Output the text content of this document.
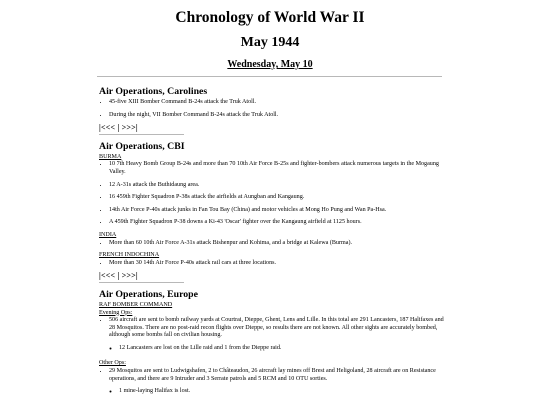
Chronology of World War II
May 1944
Wednesday, May 10
Air Operations, Carolines
• 45-five XIII Bomber Command B-24s attack the Truk Atoll.
• During the night, VII Bomber Command B-24s attack the Truk Atoll.
|<<< | >>>|
Air Operations, CBI
BURMA
• 10 7th Heavy Bomb Group B-24s and more than 70 10th Air Force B-25s and fighter-bombers attack numerous targets in the Mogaung Valley.
• 12 A-31s attack the Buthidaung area.
• 16 459th Fighter Squadron P-38s attack the airfields at Aungban and Kangaung.
• 14th Air Force P-40s attack junks in Fan Tou Bay (China) and motor vehicles at Mong Ho Pung and Wan Pa-Hsa.
• A 459th Fighter Squadron P-38 downs a Ki-43 'Oscar' fighter over the Kangaung airfield at 1125 hours.
INDIA
• More than 60 10th Air Force A-31s attack Bishenpur and Kohima, and a bridge at Kalewa (Burma).
FRENCH INDOCHINA
• More than 30 14th Air Force P-40s attack rail cars at three locations.
|<<< | >>>|
Air Operations, Europe
RAF BOMBER COMMAND
Evening Ops:
• 506 aircraft are sent to bomb railway yards at Courtrai, Dieppe, Ghent, Lens and Lille. In this total are 291 Lancasters, 187 Halifaxes and 28 Mosquitos. There are no post-raid recon flights over Dieppe, so results there are not known. All other sights are accurately bombed, although some bombs fall on civilian housing.
◦ 12 Lancasters are lost on the Lille raid and 1 from the Dieppe raid.
Other Ops:
• 29 Mosquitos are sent to Ludwigshafen, 2 to Châteaudon, 26 aircraft lay mines off Brest and Heligoland, 28 aircraft are on Resistance operations, and there are 9 Intruder and 3 Serrate patrols and 5 RCM and 10 OTU sorties.
◦ 1 mine-laying Halifax is lost.
